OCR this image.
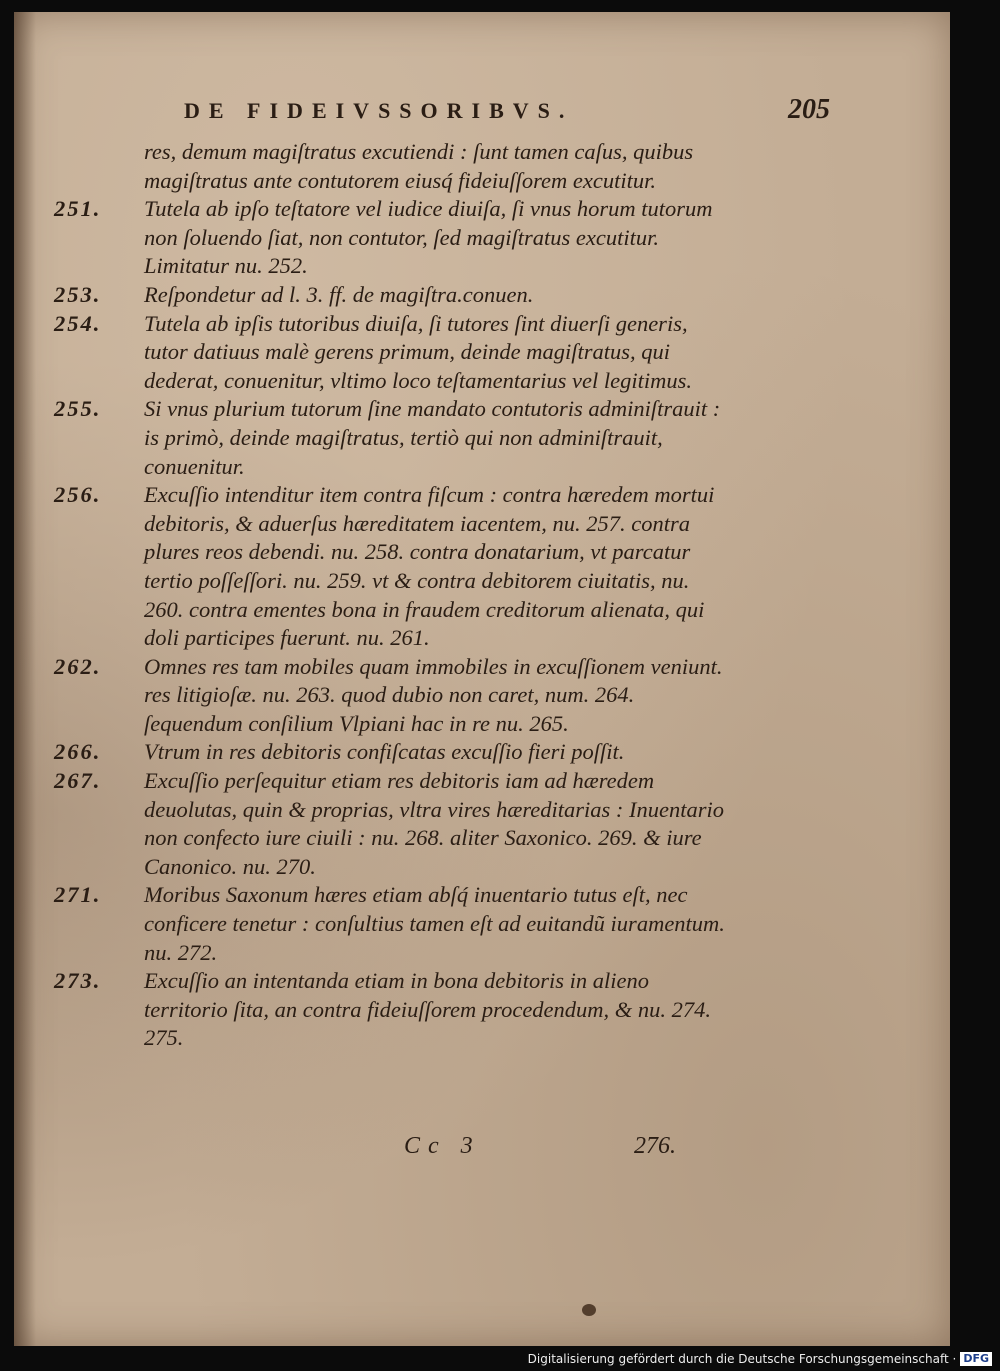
DE FIDEIVSSORIBVS.	205
res, demum magiſtratus excutiendi : ſunt tamen caſus, quibus magiſtratus ante contutorem eiusq́ fideiuſſorem excutitur.
251.	Tutela ab ipſo teſtatore vel iudice diuiſa, ſi vnus horum tutorum non ſoluendo ſiat, non contutor, ſed magiſtratus excutitur. Limitatur nu. 252.
253.	Reſpondetur ad l. 3. ff. de magiſtra.conuen.
254.	Tutela ab ipſis tutoribus diuiſa, ſi tutores ſint diuerſi generis, tutor datiuus malè gerens primum, deinde magiſtratus, qui dederat, conuenitur, vltimo loco teſtamentarius vel legitimus.
255.	Si vnus plurium tutorum ſine mandato contutoris adminiſtrauit : is primò, deinde magiſtratus, tertiò qui non adminiſtrauit, conuenitur.
256.	Excuſſio intenditur item contra fiſcum : contra hæredem mortui debitoris, & aduerſus hæreditatem iacentem, nu. 257. contra plures reos debendi. nu. 258. contra donatarium, vt parcatur tertio poſſeſſori. nu. 259. vt & contra debitorem ciuitatis, nu. 260. contra ementes bona in fraudem creditorum alienata, qui doli participes fuerunt. nu. 261.
262.	Omnes res tam mobiles quam immobiles in excuſſionem veniunt. res litigioſæ. nu. 263. quod dubio non caret, num. 264. ſequendum conſilium Vlpiani hac in re nu. 265.
266.	Vtrum in res debitoris confiſcatas excuſſio fieri poſſit.
267.	Excuſſio perſequitur etiam res debitoris iam ad hæredem deuolutas, quin & proprias, vltra vires hæreditarias : Inuentario non confecto iure ciuili : nu. 268. aliter Saxonico. 269. & iure Canonico. nu. 270.
271.	Moribus Saxonum hæres etiam abſq́ inuentario tutus eſt, nec conficere tenetur : conſultius tamen eſt ad euitandũ iuramentum. nu. 272.
273.	Excuſſio an intentanda etiam in bona debitoris in alieno territorio ſita, an contra fideiuſſorem procedendum, & nu. 274. 275.
Cc 3	276.
Digitalisierung gefördert durch die Deutsche Forschungsgemeinschaft · DFG
